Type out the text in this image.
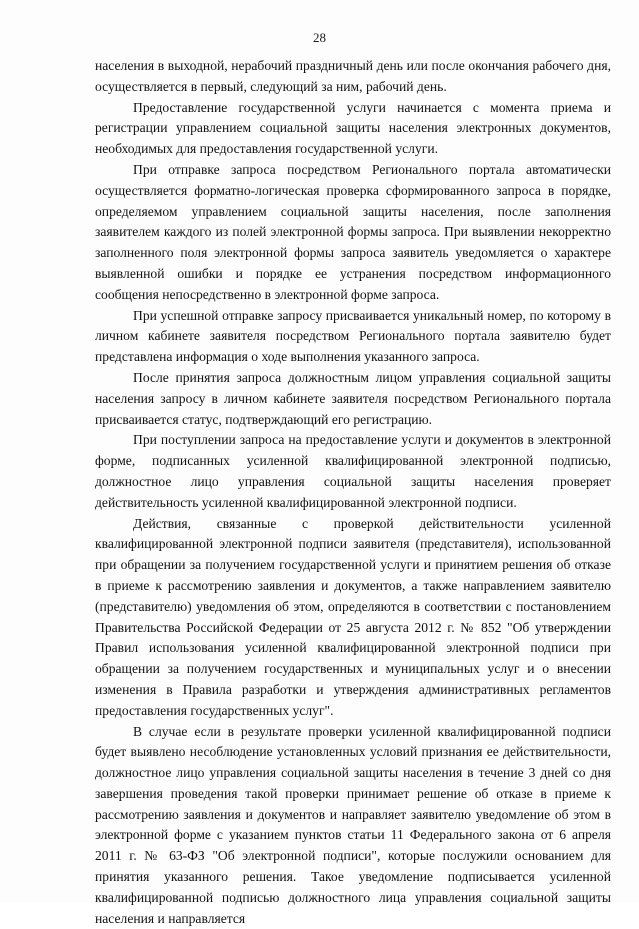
28

населения в выходной, нерабочий праздничный день или после окончания рабочего дня, осуществляется в первый, следующий за ним, рабочий день.

Предоставление государственной услуги начинается с момента приема и регистрации управлением социальной защиты населения электронных документов, необходимых для предоставления государственной услуги.

При отправке запроса посредством Регионального портала автоматически осуществляется форматно-логическая проверка сформированного запроса в порядке, определяемом управлением социальной защиты населения, после заполнения заявителем каждого из полей электронной формы запроса. При выявлении некорректно заполненного поля электронной формы запроса заявитель уведомляется о характере выявленной ошибки и порядке ее устранения посредством информационного сообщения непосредственно в электронной форме запроса.

При успешной отправке запросу присваивается уникальный номер, по которому в личном кабинете заявителя посредством Регионального портала заявителю будет представлена информация о ходе выполнения указанного запроса.

После принятия запроса должностным лицом управления социальной защиты населения запросу в личном кабинете заявителя посредством Регионального портала присваивается статус, подтверждающий его регистрацию.

При поступлении запроса на предоставление услуги и документов в электронной форме, подписанных усиленной квалифицированной электронной подписью, должностное лицо управления социальной защиты населения проверяет действительность усиленной квалифицированной электронной подписи.

Действия, связанные с проверкой действительности усиленной квалифицированной электронной подписи заявителя (представителя), использованной при обращении за получением государственной услуги и принятием решения об отказе в приеме к рассмотрению заявления и документов, а также направлением заявителю (представителю) уведомления об этом, определяются в соответствии с постановлением Правительства Российской Федерации от 25 августа 2012 г. № 852 "Об утверждении Правил использования усиленной квалифицированной электронной подписи при обращении за получением государственных и муниципальных услуг и о внесении изменения в Правила разработки и утверждения административных регламентов предоставления государственных услуг".

В случае если в результате проверки усиленной квалифицированной подписи будет выявлено несоблюдение установленных условий признания ее действительности, должностное лицо управления социальной защиты населения в течение 3 дней со дня завершения проведения такой проверки принимает решение об отказе в приеме к рассмотрению заявления и документов и направляет заявителю уведомление об этом в электронной форме с указанием пунктов статьи 11 Федерального закона от 6 апреля 2011 г. № 63-ФЗ "Об электронной подписи", которые послужили основанием для принятия указанного решения. Такое уведомление подписывается усиленной квалифицированной подписью должностного лица управления социальной защиты населения и направляется
